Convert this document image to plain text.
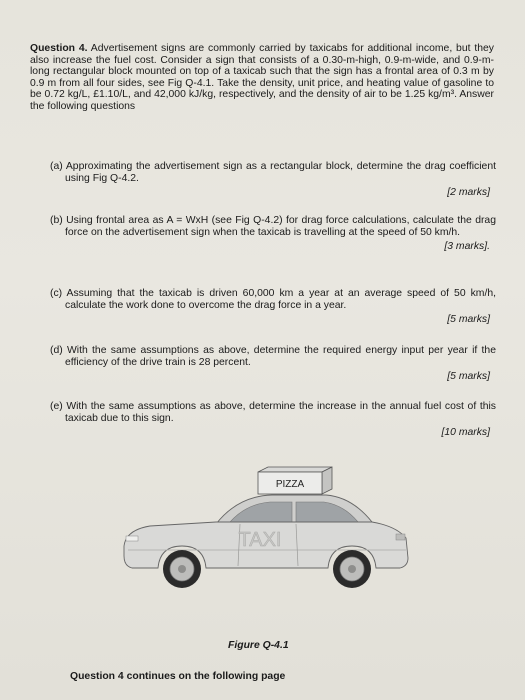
Question 4. Advertisement signs are commonly carried by taxicabs for additional income, but they also increase the fuel cost. Consider a sign that consists of a 0.30-m-high, 0.9-m-wide, and 0.9-m-long rectangular block mounted on top of a taxicab such that the sign has a frontal area of 0.3 m by 0.9 m from all four sides, see Fig Q-4.1. Take the density, unit price, and heating value of gasoline to be 0.72 kg/L, £1.10/L, and 42,000 kJ/kg, respectively, and the density of air to be 1.25 kg/m³. Answer the following questions
(a) Approximating the advertisement sign as a rectangular block, determine the drag coefficient using Fig Q-4.2.
[2 marks]
(b) Using frontal area as A = WxH (see Fig Q-4.2) for drag force calculations, calculate the drag force on the advertisement sign when the taxicab is travelling at the speed of 50 km/h.
[3 marks].
(c) Assuming that the taxicab is driven 60,000 km a year at an average speed of 50 km/h, calculate the work done to overcome the drag force in a year.
[5 marks]
(d) With the same assumptions as above, determine the required energy input per year if the efficiency of the drive train is 28 percent.
[5 marks]
(e) With the same assumptions as above, determine the increase in the annual fuel cost of this taxicab due to this sign.
[10 marks]
PIZZA
TAXI
Figure Q-4.1
Question 4 continues on the following page
